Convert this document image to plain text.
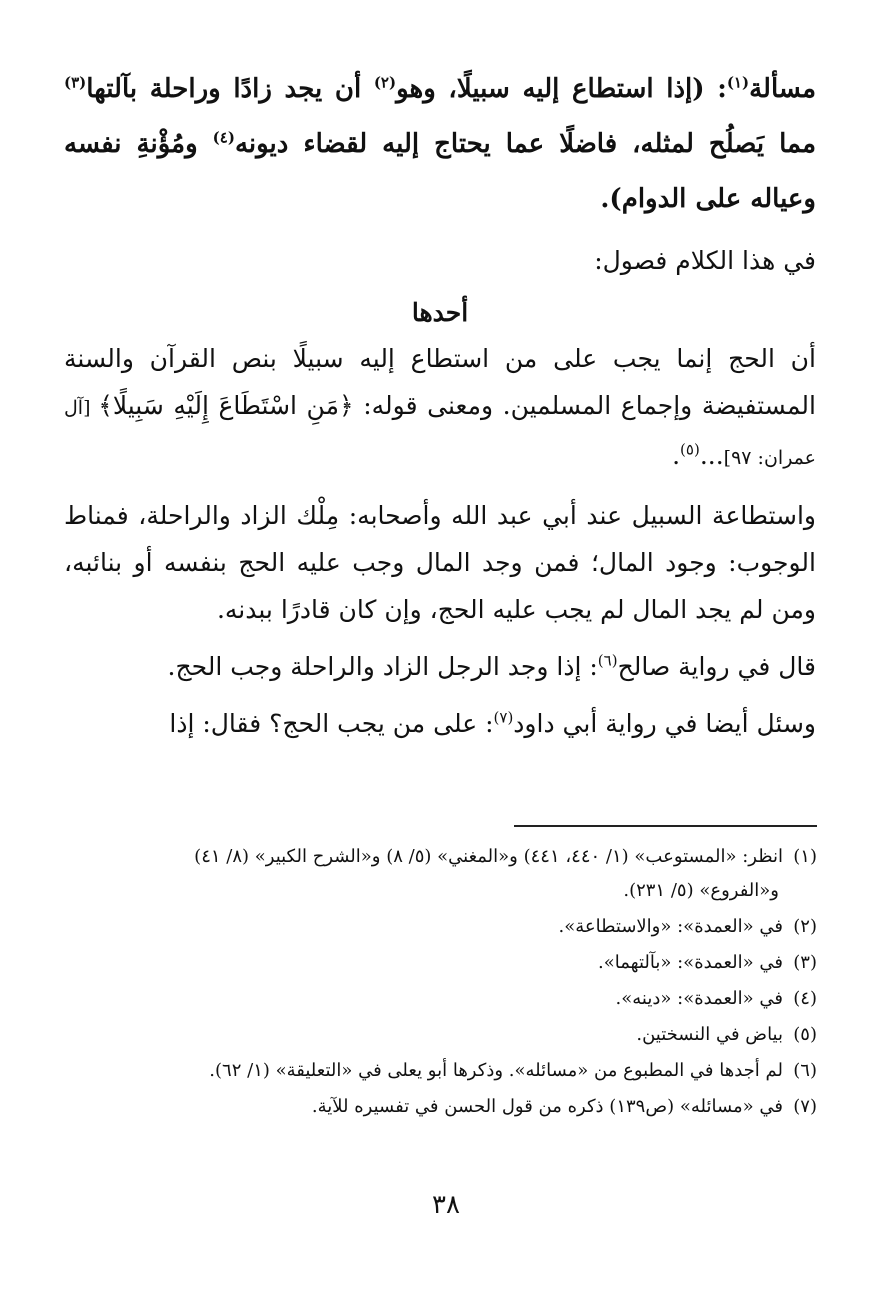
مسألة$^{(١)}$: (إذا استطاع إليه سبيلًا، وهو$^{(٢)}$ أن يجد زادًا وراحلة بآلتها$^{(٣)}$ مما يَصلُح لمثله، فاضلًا عما يحتاج إليه لقضاء ديونه$^{(٤)}$ ومُؤْنةِ نفسه وعياله على الدوام).

في هذا الكلام فصول:

أحدها

أن الحج إنما يجب على من استطاع إليه سبيلًا بنص القرآن والسنة المستفيضة وإجماع المسلمين. ومعنى قوله: ﴿مَنِ اسْتَطَاعَ إِلَيْهِ سَبِيلًا﴾ [آل عمران: ٩٧]...$^{(٥)}$.

واستطاعة السبيل عند أبي عبد الله وأصحابه: مِلْك الزاد والراحلة، فمناط الوجوب: وجود المال؛ فمن وجد المال وجب عليه الحج بنفسه أو بنائبه، ومن لم يجد المال لم يجب عليه الحج، وإن كان قادرًا ببدنه.

قال في رواية صالح$^{(٦)}$: إذا وجد الرجل الزاد والراحلة وجب الحج.

وسئل أيضا في رواية أبي داود$^{(٧)}$: على من يجب الحج؟ فقال: إذا

(١)انظر: «المستوعب» (١/ ٤٤٠، ٤٤١) و«المغني» (٥/ ٨) و«الشرح الكبير» (٨/ ٤١)
و«الفروع» (٥/ ٢٣١).
(٢)في «العمدة»: «والاستطاعة».
(٣)في «العمدة»: «بآلتهما».
(٤)في «العمدة»: «دينه».
(٥)بياض في النسختين.
(٦)لم أجدها في المطبوع من «مسائله». وذكرها أبو يعلى في «التعليقة» (١/ ٦٢).
(٧)في «مسائله» (ص١٣٩) ذكره من قول الحسن في تفسيره للآية.
٣٨
